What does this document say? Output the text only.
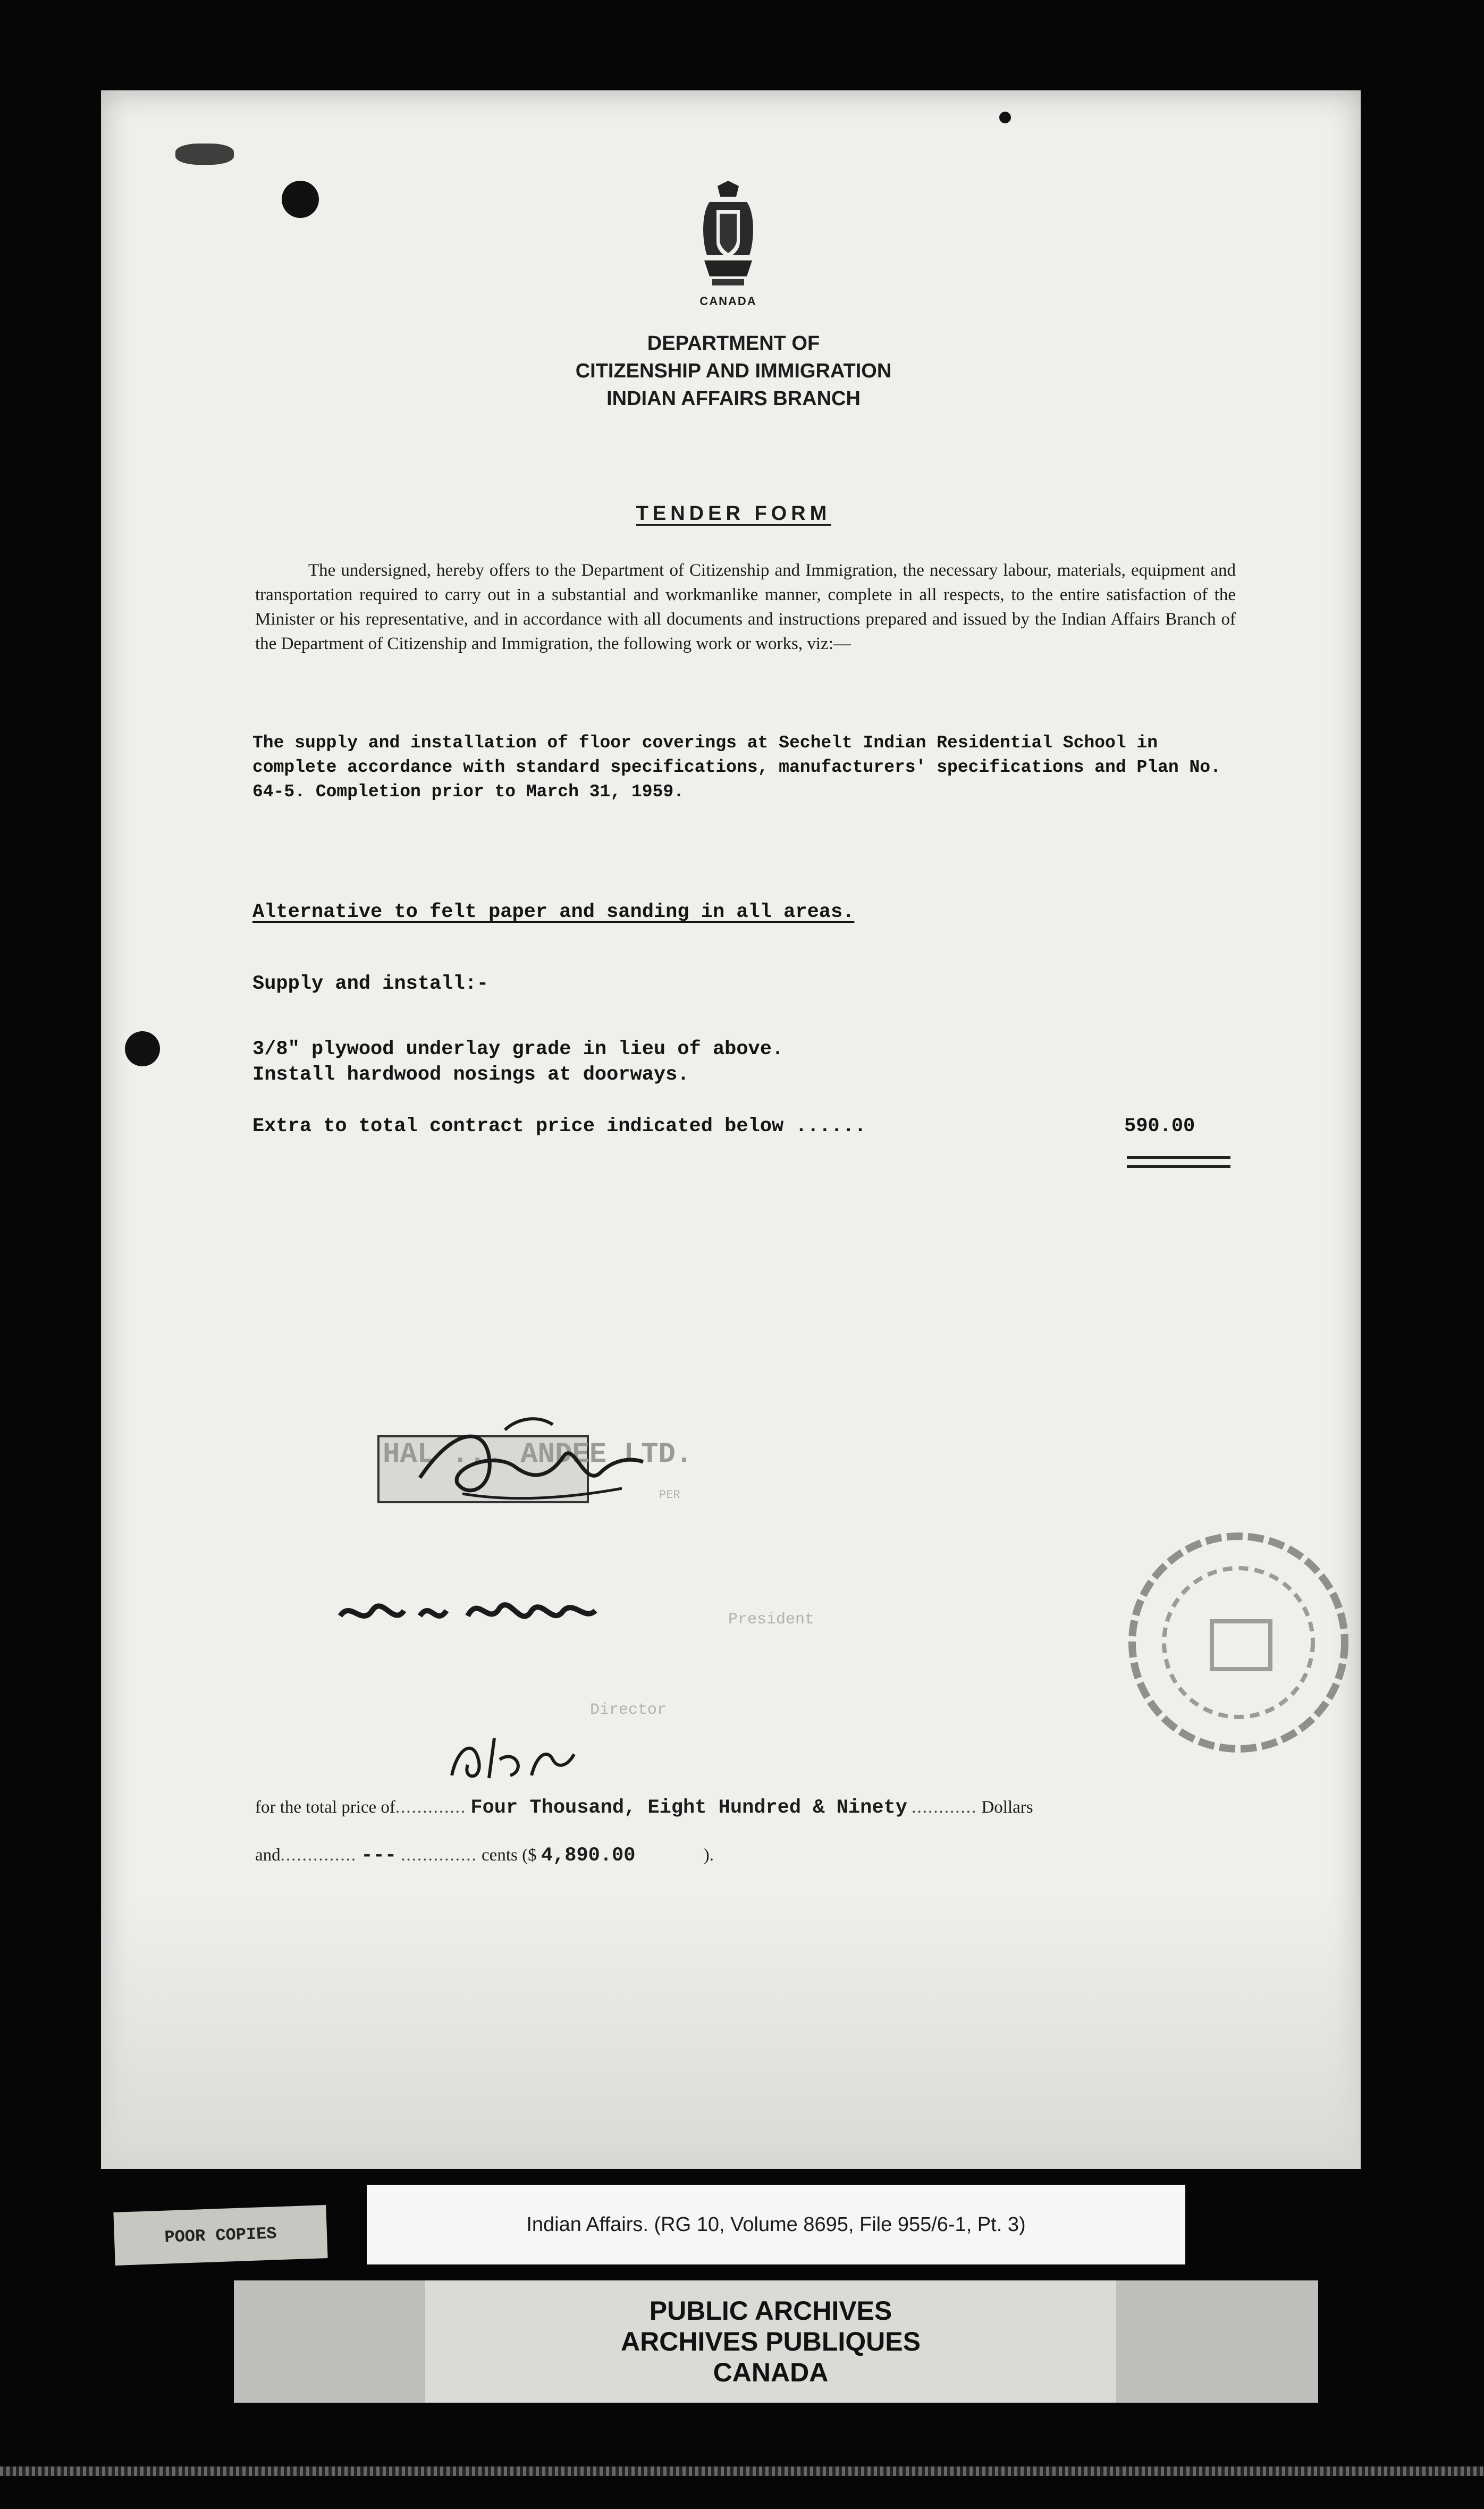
CANADA
DEPARTMENT OF
CITIZENSHIP AND IMMIGRATION
INDIAN AFFAIRS BRANCH
TENDER FORM
The undersigned, hereby offers to the Department of Citizenship and Immigration, the necessary labour, materials, equipment and transportation required to carry out in a substantial and workmanlike manner, complete in all respects, to the entire satisfaction of the Minister or his representative, and in accordance with all documents and instructions prepared and issued by the Indian Affairs Branch of the Department of Citizenship and Immigration, the following work or works, viz:—
The supply and installation of floor coverings at Sechelt Indian Residential School in complete accordance with standard specifications, manufacturers' specifications and Plan No. 64-5. Completion prior to March 31, 1959.
Alternative to felt paper and sanding in all areas.
Supply and install:-
3/8" plywood underlay grade in lieu of above.
Install hardwood nosings at doorways.
Extra to total contract price indicated below ......	590.00
President
Director
PER
HAL ... ANDEE LTD.
for the total price of............. Four Thousand, Eight Hundred & Ninety ............ Dollars
and.............. --- .............. cents ($ 4,890.00	).
POOR COPIES	Indian Affairs. (RG 10, Volume 8695, File 955/6-1, Pt. 3)
PUBLIC ARCHIVES
ARCHIVES PUBLIQUES
CANADA
